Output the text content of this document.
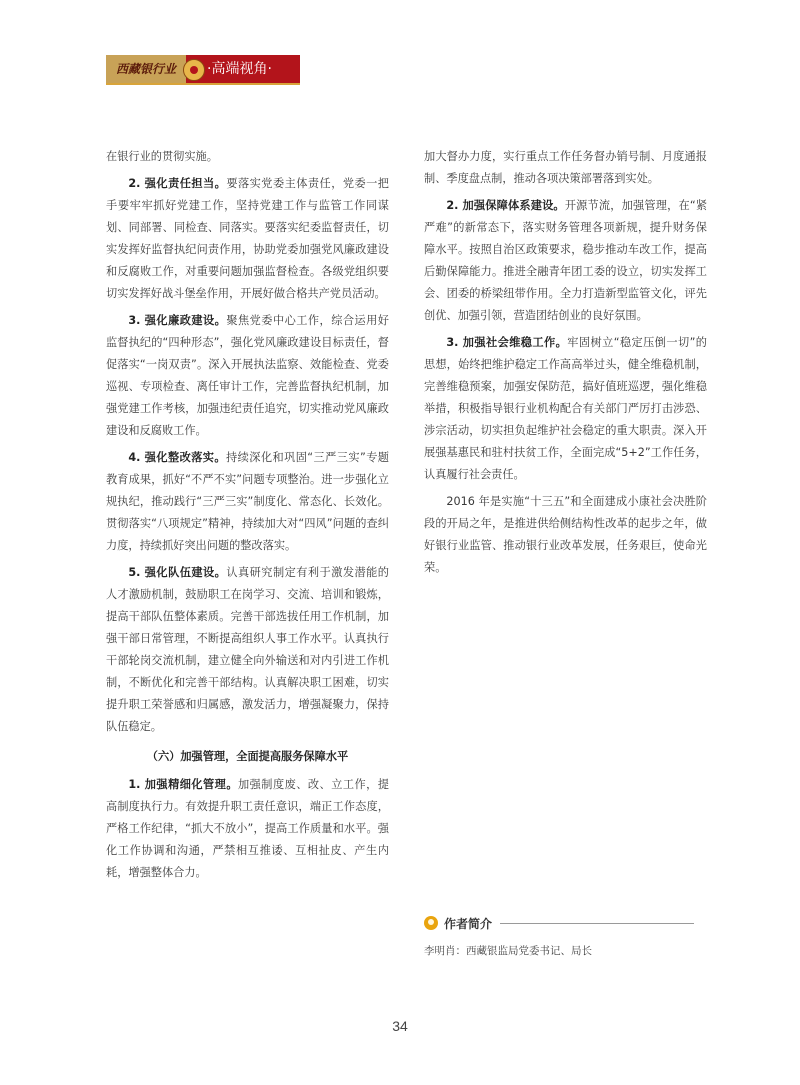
西藏银行业	·高端视角·

在银行业的贯彻实施。

2. 强化责任担当。要落实党委主体责任，党委一把手要牢牢抓好党建工作，坚持党建工作与监管工作同谋划、同部署、同检查、同落实。要落实纪委监督责任，切实发挥好监督执纪问责作用，协助党委加强党风廉政建设和反腐败工作，对重要问题加强监督检查。各级党组织要切实发挥好战斗堡垒作用，开展好做合格共产党员活动。

3. 强化廉政建设。聚焦党委中心工作，综合运用好监督执纪的“四种形态”，强化党风廉政建设目标责任，督促落实“一岗双责”。深入开展执法监察、效能检查、党委巡视、专项检查、离任审计工作，完善监督执纪机制，加强党建工作考核，加强违纪责任追究，切实推动党风廉政建设和反腐败工作。

4. 强化整改落实。持续深化和巩固“三严三实”专题教育成果，抓好“不严不实”问题专项整治。进一步强化立规执纪，推动践行“三严三实”制度化、常态化、长效化。贯彻落实“八项规定”精神，持续加大对“四风”问题的查纠力度，持续抓好突出问题的整改落实。

5. 强化队伍建设。认真研究制定有利于激发潜能的人才激励机制，鼓励职工在岗学习、交流、培训和锻炼，提高干部队伍整体素质。完善干部选拔任用工作机制，加强干部日常管理，不断提高组织人事工作水平。认真执行干部轮岗交流机制，建立健全向外输送和对内引进工作机制，不断优化和完善干部结构。认真解决职工困难，切实提升职工荣誉感和归属感，激发活力，增强凝聚力，保持队伍稳定。

（六）加强管理，全面提高服务保障水平

1. 加强精细化管理。加强制度废、改、立工作，提高制度执行力。有效提升职工责任意识，端正工作态度，严格工作纪律，“抓大不放小”，提高工作质量和水平。强化工作协调和沟通，严禁相互推诿、互相扯皮、产生内耗，增强整体合力。

加大督办力度，实行重点工作任务督办销号制、月度通报制、季度盘点制，推动各项决策部署落到实处。

2. 加强保障体系建设。开源节流，加强管理，在“紧严难”的新常态下，落实财务管理各项新规，提升财务保障水平。按照自治区政策要求，稳步推动车改工作，提高后勤保障能力。推进全融青年团工委的设立，切实发挥工会、团委的桥梁纽带作用。全力打造新型监管文化，评先创优、加强引领，营造团结创业的良好氛围。

3. 加强社会维稳工作。牢固树立“稳定压倒一切”的思想，始终把维护稳定工作高高举过头，健全维稳机制，完善维稳预案，加强安保防范，搞好值班巡逻，强化维稳举措，积极指导银行业机构配合有关部门严厉打击涉恐、涉宗活动，切实担负起维护社会稳定的重大职责。深入开展强基惠民和驻村扶贫工作，全面完成“5+2”工作任务，认真履行社会责任。

2016 年是实施“十三五”和全面建成小康社会决胜阶段的开局之年，是推进供给侧结构性改革的起步之年，做好银行业监管、推动银行业改革发展，任务艰巨，使命光荣。

作者简介
李明肖：西藏银监局党委书记、局长
34
